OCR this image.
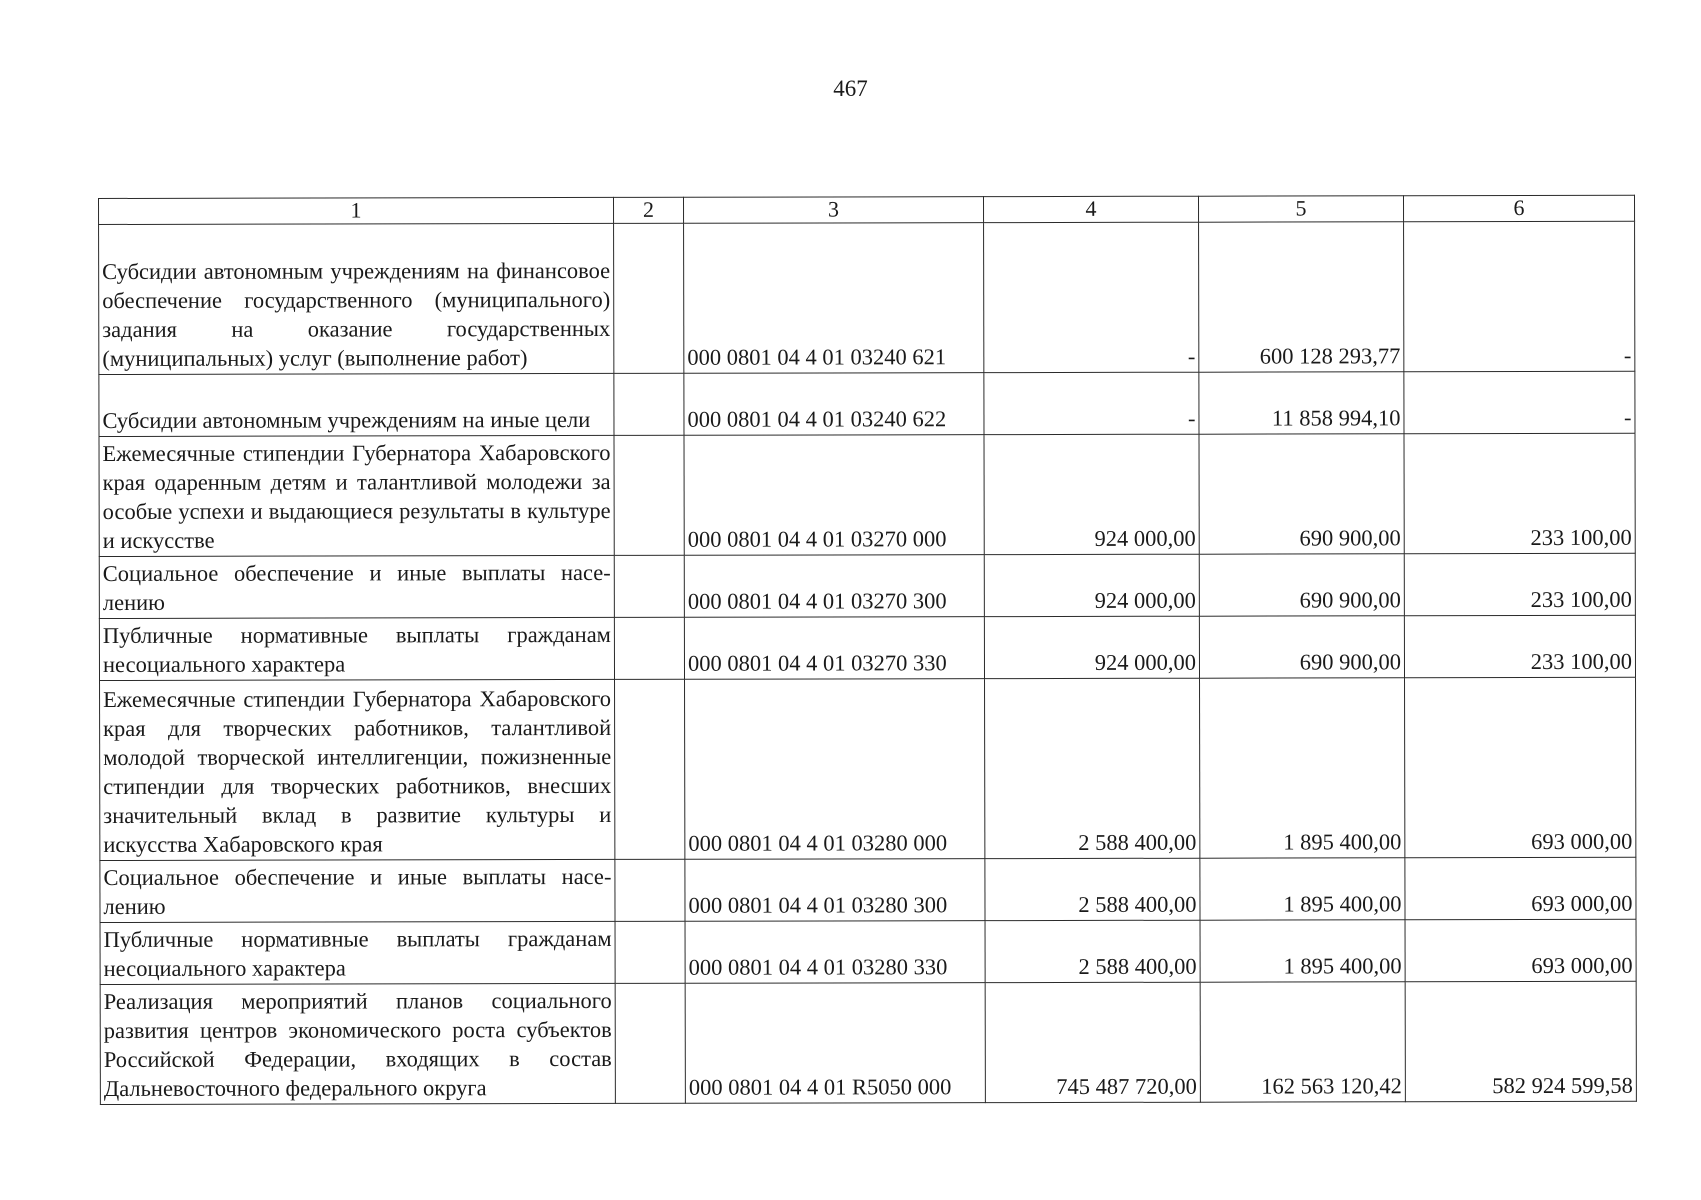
467
1	2	3	4	5	6
Субсидии автономным учреждениям на финансовое обеспечение государственного (муниципального) задания на оказание государственных (муниципальных) услуг (выполнение работ)		000 0801 04 4 01 03240 621	-	600 128 293,77	-
Субсидии автономным учреждениям на иные цели		000 0801 04 4 01 03240 622	-	11 858 994,10	-
Ежемесячные стипендии Губернатора Хабаровского края одаренным детям и талантливой молодежи за особые успехи и выдающиеся результаты в культуре и искусстве		000 0801 04 4 01 03270 000	924 000,00	690 900,00	233 100,00
Социальное обеспечение и иные выплаты населению		000 0801 04 4 01 03270 300	924 000,00	690 900,00	233 100,00
Публичные нормативные выплаты гражданам несоциального характера		000 0801 04 4 01 03270 330	924 000,00	690 900,00	233 100,00
Ежемесячные стипендии Губернатора Хабаровского края для творческих работников, талантливой молодой творческой интеллигенции, пожизненные стипендии для творческих работников, внесших значительный вклад в развитие культуры и искусства Хабаровского края		000 0801 04 4 01 03280 000	2 588 400,00	1 895 400,00	693 000,00
Социальное обеспечение и иные выплаты населению		000 0801 04 4 01 03280 300	2 588 400,00	1 895 400,00	693 000,00
Публичные нормативные выплаты гражданам несоциального характера		000 0801 04 4 01 03280 330	2 588 400,00	1 895 400,00	693 000,00
Реализация мероприятий планов социального развития центров экономического роста субъектов Российской Федерации, входящих в состав Дальневосточного федерального округа		000 0801 04 4 01 R5050 000	745 487 720,00	162 563 120,42	582 924 599,58
